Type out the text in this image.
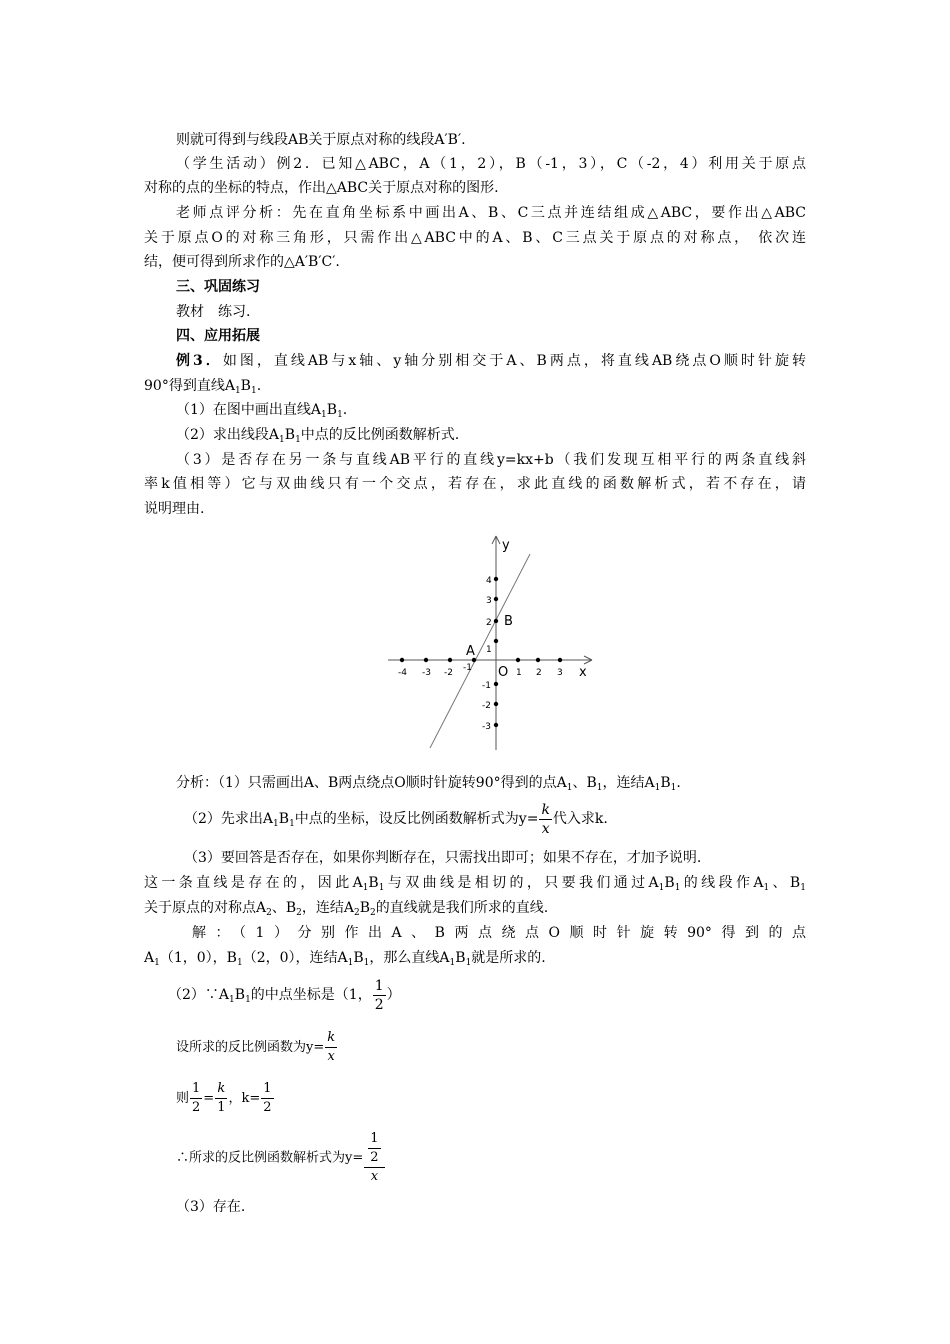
则就可得到与线段AB关于原点对称的线段A′B′.
（学生活动）例2．已知△ABC，A（1，2），B（-1，3），C（-2，4）利用关于原点
对称的点的坐标的特点，作出△ABC关于原点对称的图形.
老师点评分析：先在直角坐标系中画出A、B、C三点并连结组成△ABC，要作出△ABC
关于原点O的对称三角形，只需作出△ABC中的A、B、C三点关于原点的对称点， 依次连
结，便可得到所求作的△A′B′C′.
三、巩固练习
教材　练习.
四、应用拓展
例3．如图，直线AB与x轴、y轴分别相交于A、B两点，将直线AB绕点O顺时针旋转
90°得到直线$A_1B_1$.
（1）在图中画出直线$A_1B_1$.
（2）求出线段$A_1B_1$中点的反比例函数解析式.
（3）是否存在另一条与直线AB平行的直线y=kx+b（我们发现互相平行的两条直线斜
率k值相等）它与双曲线只有一个交点，若存在，求此直线的函数解析式，若不存在，请
说明理由.
y
x
O
A
B
-4 -3 -2 -1	1 2 3
4
3
2
1
-1
-2
-3
分析：（1）只需画出A、B两点绕点O顺时针旋转90°得到的点$A_1$、$B_1$，连结$A_1B_1$.
（2）先求出$A_1B_1$中点的坐标，设反比例函数解析式为$y= \frac{k}{x}$ 代入求k.
（3）要回答是否存在，如果你判断存在，只需找出即可；如果不存在，才加予说明.
这一条直线是存在的，因此$A_1B_1$与双曲线是相切的，只要我们通过$A_1B_1$的线段作$A_1$、$B_1$
关于原点的对称点$A_2$、$B_2$，连结$A_2B_2$的直线就是我们所求的直线.
解：（1）分别作出A、B两点绕点O顺时针旋转90°得到的点
$A_1(1$，0），$B_1(2$，0），连结$A_1B_1$，那么直线$A_1B_1$就是所求的.
$(2)\because A_1B_1$的中点坐标是（1， $\frac{1}{2}$ ）
设所求的反比例函数为$y= \frac{k}{x}$
则 $\frac{1}{2} = \frac{k}{1}$ ，$k= \frac{1}{2}$
∴所求的反比例函数解析式为y= 1
2
x
（3）存在.
